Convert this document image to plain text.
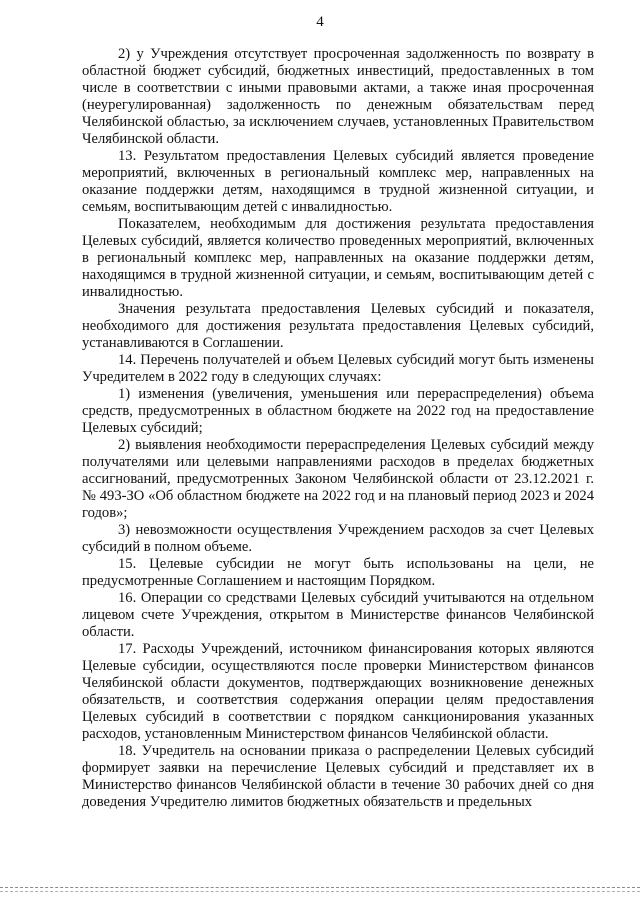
4

2) у Учреждения отсутствует просроченная задолженность по возврату в областной бюджет субсидий, бюджетных инвестиций, предоставленных в том числе в соответствии с иными правовыми актами, а также иная просроченная (неурегулированная) задолженность по денежным обязательствам перед Челябинской областью, за исключением случаев, установленных Правительством Челябинской области.

13. Результатом предоставления Целевых субсидий является проведение мероприятий, включенных в региональный комплекс мер, направленных на оказание поддержки детям, находящимся в трудной жизненной ситуации, и семьям, воспитывающим детей с инвалидностью.

Показателем, необходимым для достижения результата предоставления Целевых субсидий, является количество проведенных мероприятий, включенных в региональный комплекс мер, направленных на оказание поддержки детям, находящимся в трудной жизненной ситуации, и семьям, воспитывающим детей с инвалидностью.

Значения результата предоставления Целевых субсидий и показателя, необходимого для достижения результата предоставления Целевых субсидий, устанавливаются в Соглашении.

14. Перечень получателей и объем Целевых субсидий могут быть изменены Учредителем в 2022 году в следующих случаях:

1) изменения (увеличения, уменьшения или перераспределения) объема средств, предусмотренных в областном бюджете на 2022 год на предоставление Целевых субсидий;

2) выявления необходимости перераспределения Целевых субсидий между получателями или целевыми направлениями расходов в пределах бюджетных ассигнований, предусмотренных Законом Челябинской области от 23.12.2021 г. № 493-ЗО «Об областном бюджете на 2022 год и на плановый период 2023 и 2024 годов»;

3) невозможности осуществления Учреждением расходов за счет Целевых субсидий в полном объеме.

15. Целевые субсидии не могут быть использованы на цели, не предусмотренные Соглашением и настоящим Порядком.

16. Операции со средствами Целевых субсидий учитываются на отдельном лицевом счете Учреждения, открытом в Министерстве финансов Челябинской области.

17. Расходы Учреждений, источником финансирования которых являются Целевые субсидии, осуществляются после проверки Министерством финансов Челябинской области документов, подтверждающих возникновение денежных обязательств, и соответствия содержания операции целям предоставления Целевых субсидий в соответствии с порядком санкционирования указанных расходов, установленным Министерством финансов Челябинской области.

18. Учредитель на основании приказа о распределении Целевых субсидий формирует заявки на перечисление Целевых субсидий и представляет их в Министерство финансов Челябинской области в течение 30 рабочих дней со дня доведения Учредителю лимитов бюджетных обязательств и предельных
